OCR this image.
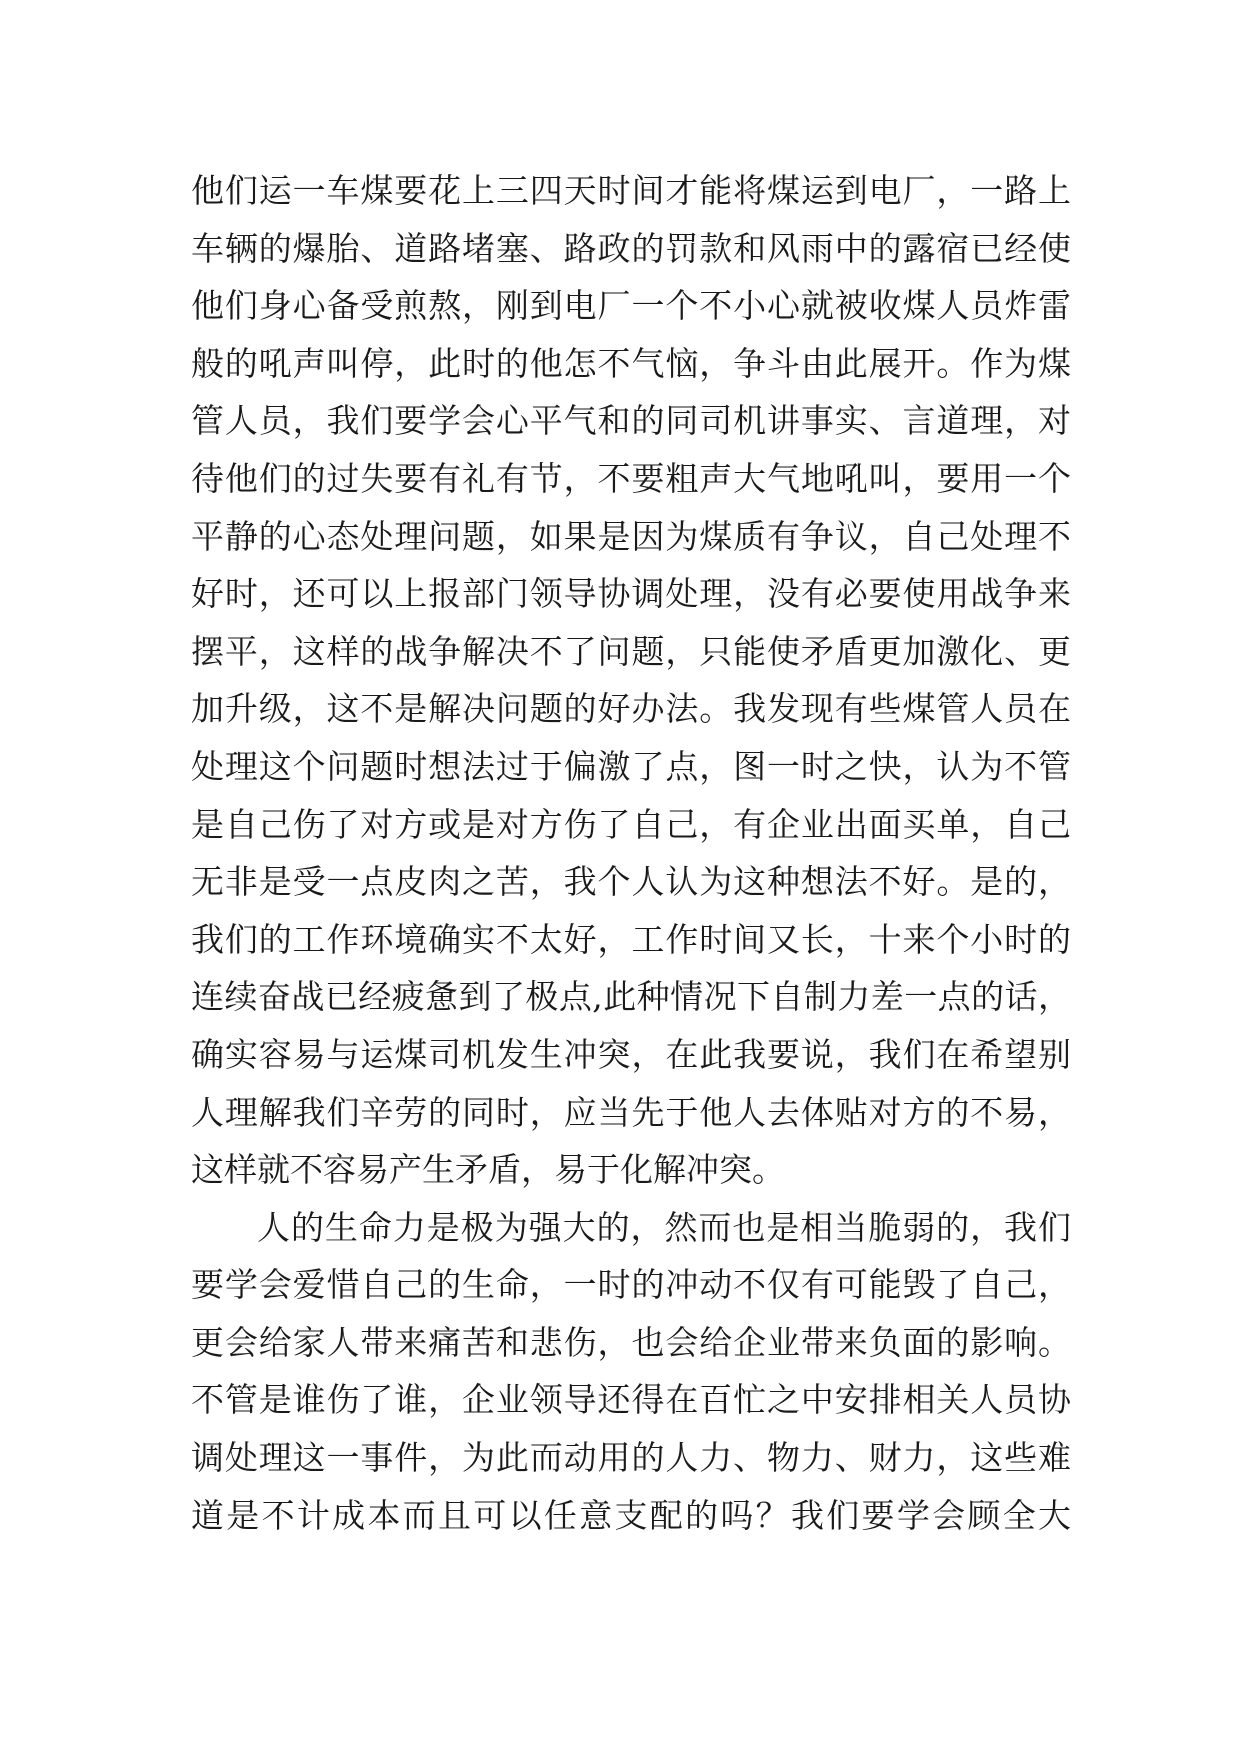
他们运一车煤要花上三四天时间才能将煤运到电厂，一路上
车辆的爆胎、道路堵塞、路政的罚款和风雨中的露宿已经使
他们身心备受煎熬，刚到电厂一个不小心就被收煤人员炸雷
般的吼声叫停，此时的他怎不气恼，争斗由此展开。作为煤
管人员，我们要学会心平气和的同司机讲事实、言道理，对
待他们的过失要有礼有节，不要粗声大气地吼叫，要用一个
平静的心态处理问题，如果是因为煤质有争议，自己处理不
好时，还可以上报部门领导协调处理，没有必要使用战争来
摆平，这样的战争解决不了问题，只能使矛盾更加激化、更
加升级，这不是解决问题的好办法。我发现有些煤管人员在
处理这个问题时想法过于偏激了点，图一时之快，认为不管
是自己伤了对方或是对方伤了自己，有企业出面买单，自己
无非是受一点皮肉之苦，我个人认为这种想法不好。是的，
我们的工作环境确实不太好，工作时间又长，十来个小时的
连续奋战已经疲惫到了极点,此种情况下自制力差一点的话，
确实容易与运煤司机发生冲突，在此我要说，我们在希望别
人理解我们辛劳的同时，应当先于他人去体贴对方的不易，
这样就不容易产生矛盾，易于化解冲突。
人的生命力是极为强大的，然而也是相当脆弱的，我们
要学会爱惜自己的生命，一时的冲动不仅有可能毁了自己，
更会给家人带来痛苦和悲伤，也会给企业带来负面的影响。
不管是谁伤了谁，企业领导还得在百忙之中安排相关人员协
调处理这一事件，为此而动用的人力、物力、财力，这些难
道是不计成本而且可以任意支配的吗？我们要学会顾全大
